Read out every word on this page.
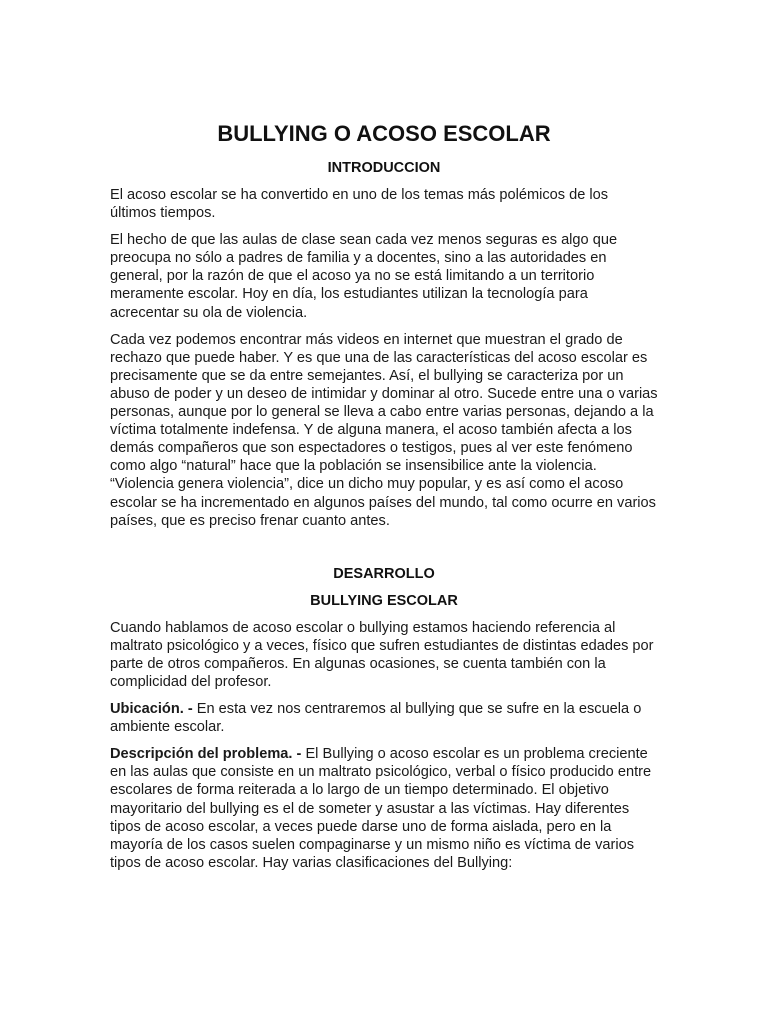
BULLYING O ACOSO ESCOLAR
INTRODUCCION

El acoso escolar se ha convertido en uno de los temas más polémicos de los últimos tiempos.

El hecho de que las aulas de clase sean cada vez menos seguras es algo que preocupa no sólo a padres de familia y a docentes, sino a las autoridades en general, por la razón de que el acoso ya no se está limitando a un territorio meramente escolar. Hoy en día, los estudiantes utilizan la tecnología para acrecentar su ola de violencia.

Cada vez podemos encontrar más videos en internet que muestran el grado de rechazo que puede haber. Y es que una de las características del acoso escolar es precisamente que se da entre semejantes. Así, el bullying se caracteriza por un abuso de poder y un deseo de intimidar y dominar al otro. Sucede entre una o varias personas, aunque por lo general se lleva a cabo entre varias personas, dejando a la víctima totalmente indefensa. Y de alguna manera, el acoso también afecta a los demás compañeros que son espectadores o testigos, pues al ver este fenómeno como algo “natural” hace que la población se insensibilice ante la violencia. “Violencia genera violencia”, dice un dicho muy popular, y es así como el acoso escolar se ha incrementado en algunos países del mundo, tal como ocurre en varios países, que es preciso frenar cuanto antes.

DESARROLLO
BULLYING ESCOLAR

Cuando hablamos de acoso escolar o bullying estamos haciendo referencia al maltrato psicológico y a veces, físico que sufren estudiantes de distintas edades por parte de otros compañeros. En algunas ocasiones, se cuenta también con la complicidad del profesor.

Ubicación. - En esta vez nos centraremos al bullying que se sufre en la escuela o ambiente escolar.

Descripción del problema. - El Bullying o acoso escolar es un problema creciente en las aulas que consiste en un maltrato psicológico, verbal o físico producido entre escolares de forma reiterada a lo largo de un tiempo determinado. El objetivo mayoritario del bullying es el de someter y asustar a las víctimas. Hay diferentes tipos de acoso escolar, a veces puede darse uno de forma aislada, pero en la mayoría de los casos suelen compaginarse y un mismo niño es víctima de varios tipos de acoso escolar. Hay varias clasificaciones del Bullying:
